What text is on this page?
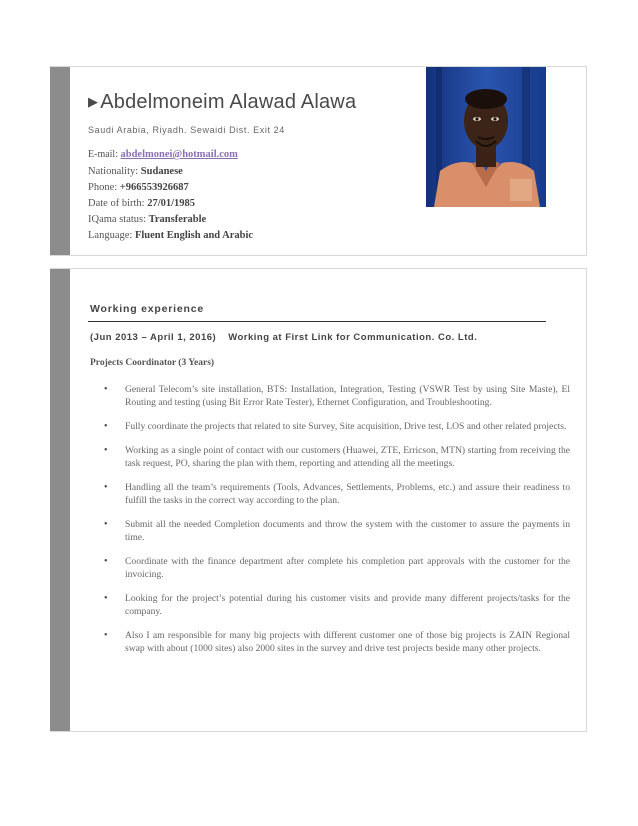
▶ Abdelmoneim Alawad Alawa
Saudi Arabia, Riyadh. Sewaidi Dist. Exit 24
E-mail: abdelmonei@hotmail.com
Nationality: Sudanese
Phone: +966553926687
Date of birth: 27/01/1985
IQama status: Transferable
Language: Fluent English and Arabic
Working experience
(Jun 2013 – April 1, 2016) Working at First Link for Communication. Co. Ltd.
Projects Coordinator (3 Years)
• General Telecom’s site installation, BTS: Installation, Integration, Testing (VSWR Test by using Site Maste), El Routing and testing (using Bit Error Rate Tester), Ethernet Configuration, and Troubleshooting.
• Fully coordinate the projects that related to site Survey, Site acquisition, Drive test, LOS and other related projects.
• Working as a single point of contact with our customers (Huawei, ZTE, Erricson, MTN) starting from receiving the task request, PO, sharing the plan with them, reporting and attending all the meetings.
• Handling all the team’s requirements (Tools, Advances, Settlements, Problems, etc.) and assure their readiness to fulfill the tasks in the correct way according to the plan.
• Submit all the needed Completion documents and throw the system with the customer to assure the payments in time.
• Coordinate with the finance department after complete his completion part approvals with the customer for the invoicing.
• Looking for the project’s potential during his customer visits and provide many different projects/tasks for the company.
• Also I am responsible for many big projects with different customer one of those big projects is ZAIN Regional swap with about (1000 sites) also 2000 sites in the survey and drive test projects beside many other projects.
